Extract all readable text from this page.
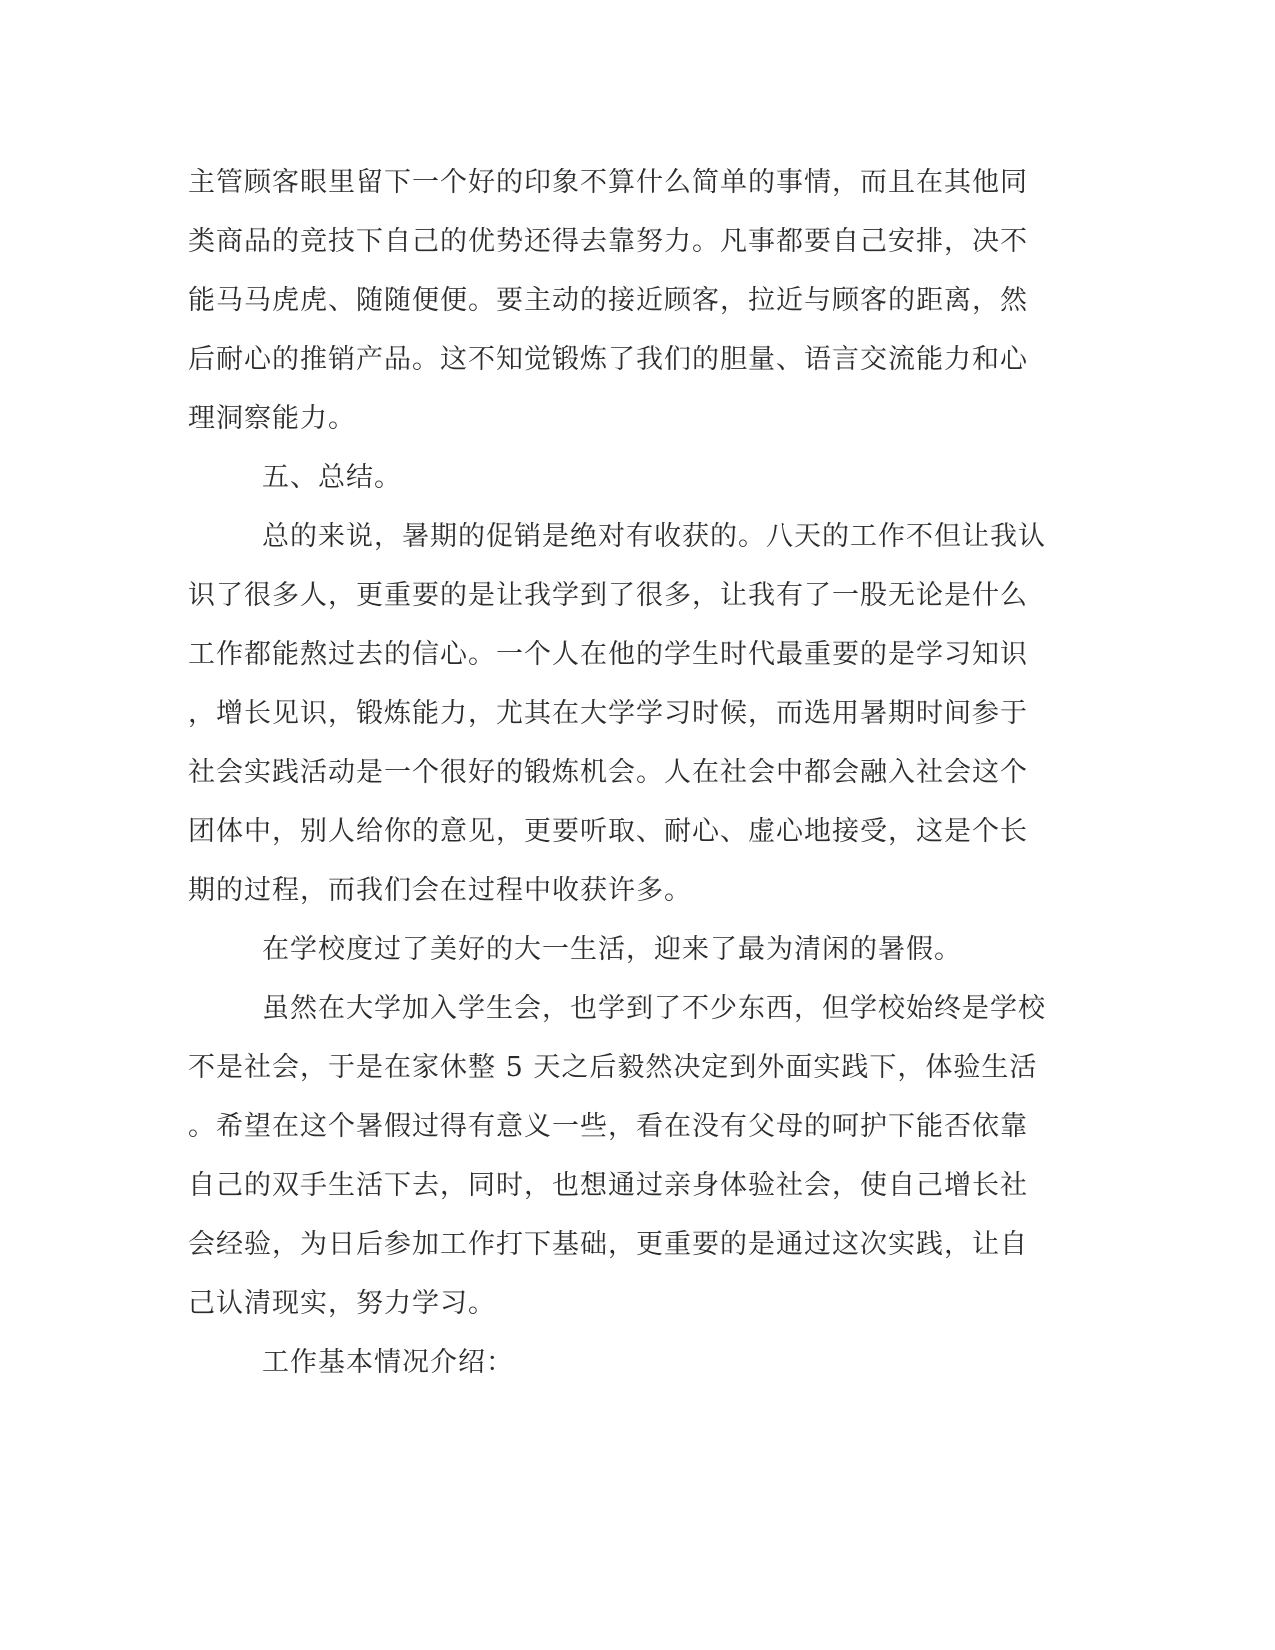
主管顾客眼里留下一个好的印象不算什么简单的事情，而且在其他同
类商品的竞技下自己的优势还得去靠努力。凡事都要自己安排，决不
能马马虎虎、随随便便。要主动的接近顾客，拉近与顾客的距离，然
后耐心的推销产品。这不知觉锻炼了我们的胆量、语言交流能力和心
理洞察能力。
五、总结。
总的来说，暑期的促销是绝对有收获的。八天的工作不但让我认
识了很多人，更重要的是让我学到了很多，让我有了一股无论是什么
工作都能熬过去的信心。一个人在他的学生时代最重要的是学习知识
，增长见识，锻炼能力，尤其在大学学习时候，而选用暑期时间参于
社会实践活动是一个很好的锻炼机会。人在社会中都会融入社会这个
团体中，别人给你的意见，更要听取、耐心、虚心地接受，这是个长
期的过程，而我们会在过程中收获许多。
在学校度过了美好的大一生活，迎来了最为清闲的暑假。
虽然在大学加入学生会，也学到了不少东西，但学校始终是学校
不是社会，于是在家休整 5 天之后毅然决定到外面实践下，体验生活
。希望在这个暑假过得有意义一些，看在没有父母的呵护下能否依靠
自己的双手生活下去，同时，也想通过亲身体验社会，使自己增长社
会经验，为日后参加工作打下基础，更重要的是通过这次实践，让自
己认清现实，努力学习。
工作基本情况介绍：
